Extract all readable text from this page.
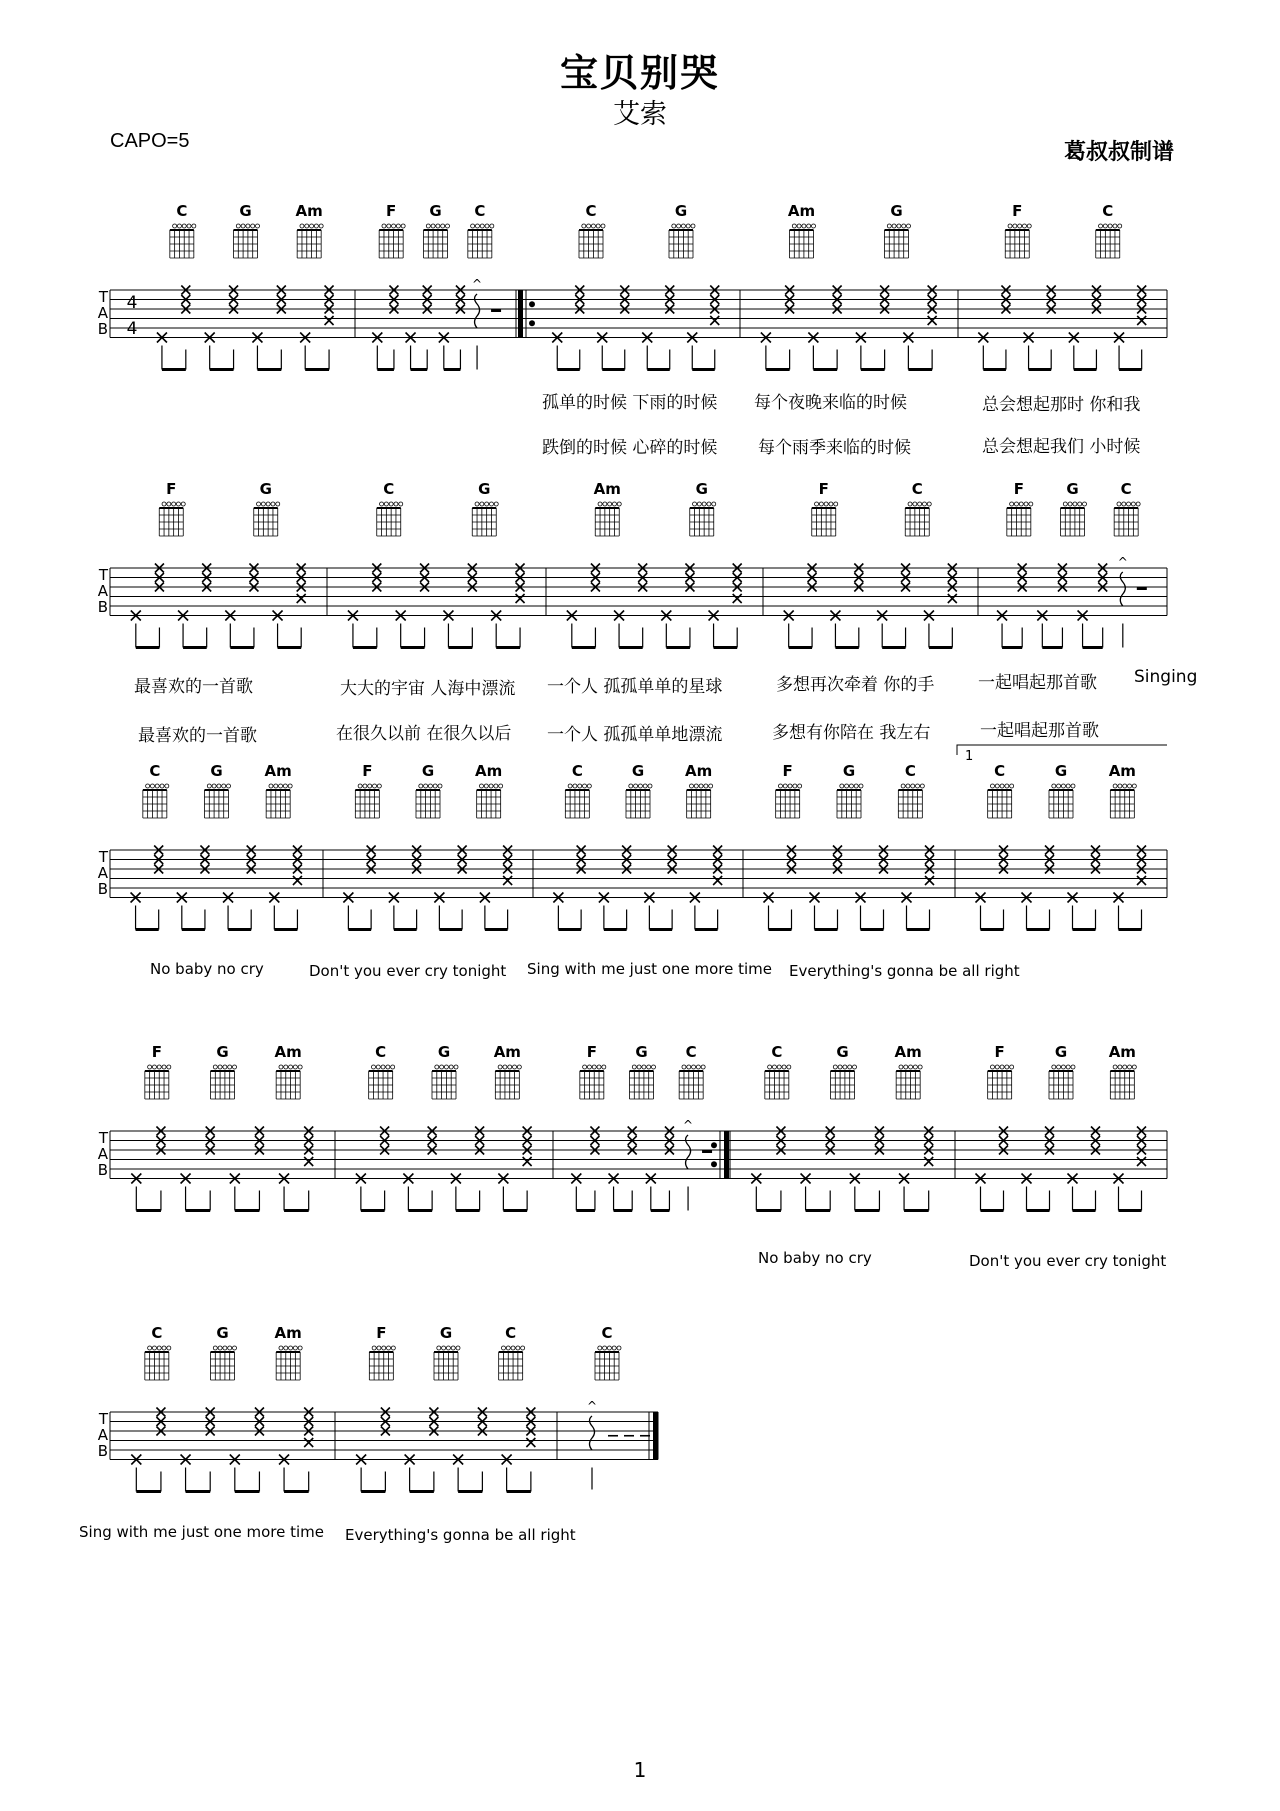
宝贝别哭
艾索
CAPO=5	葛叔叔制谱
T
A
B
4
4
C	G	Am	F G C
^
C	G	Am	G	F	C
T
A
B
F	G	C	G	Am	G	F	C	F	G	C
^
T
A
B
C	G	Am	F	G	Am	C	G	Am	F	G	C
1
C	G	Am
T
A
B
F	G	Am	C	G	Am	F	G	C
^
C	G	Am	F	G	Am
T
A
B
C	G	Am	F	G	C	C
^
孤单的时候 下雨的时候 每个夜晚来临的时候	总会想起那时 你和我
跌倒的时候 心碎的时候 每个雨季来临的时候	总会想起我们 小时候
最喜欢的一首歌	大大的宇宙 人海中漂流 一个人 孤孤单单的星球	多想再次牵着 你的手	一起唱起那首歌 Singing
最喜欢的一首歌	在很久以前 在很久以后 一个人 孤孤单单地漂流	多想有你陪在 我左右	一起唱起那首歌
No baby no cry	Don't you ever cry tonight Sing with me just one more time Everything's gonna be all right
No baby no cry	Don't you ever cry tonight
Sing with me just one more time Everything's gonna be all right
1
